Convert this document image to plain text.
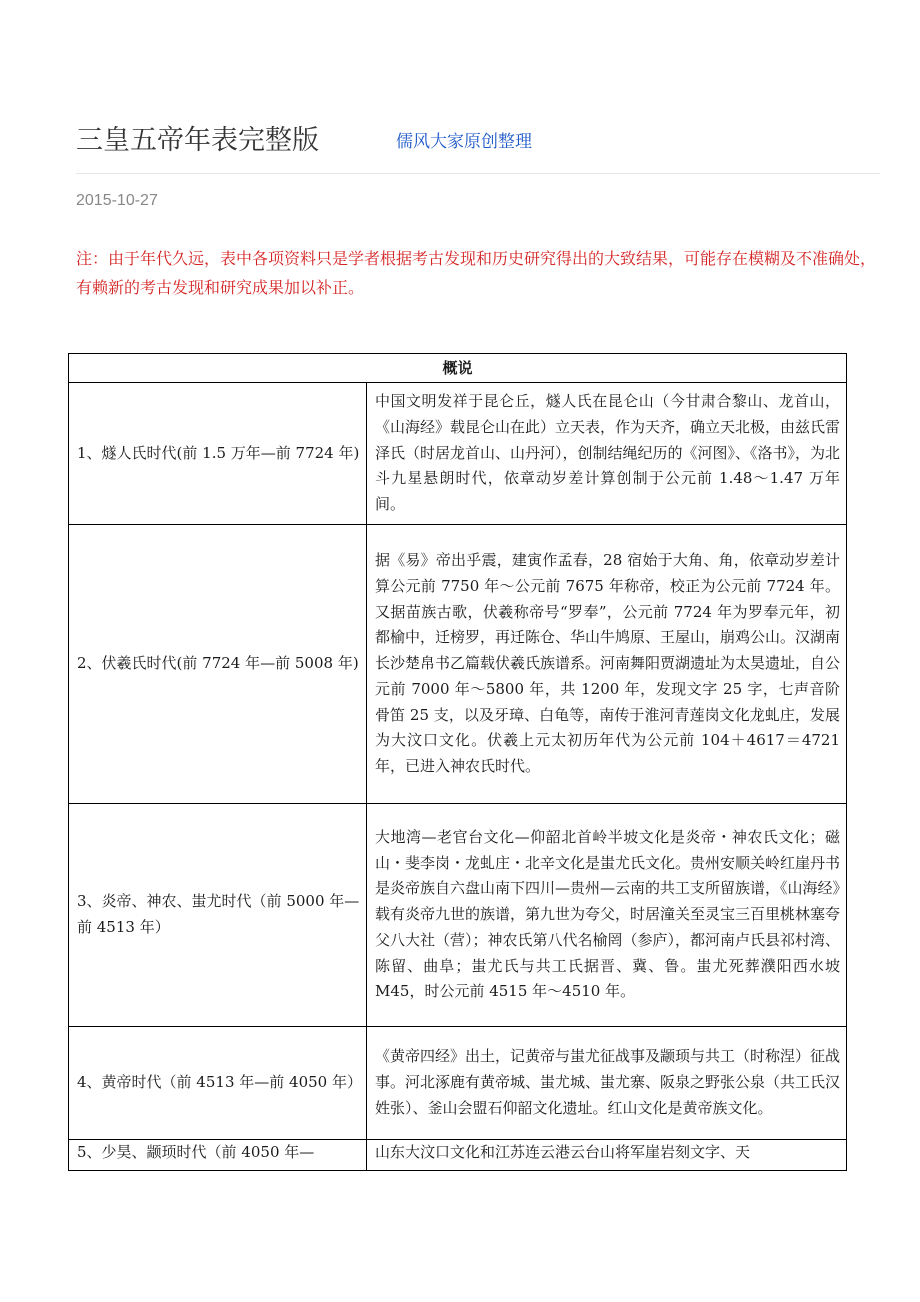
三皇五帝年表完整版	儒风大家原创整理
2015-10-27

注：由于年代久远，表中各项资料只是学者根据考古发现和历史研究得出的大致结果，可能存在模糊及不准确处，有赖新的考古发现和研究成果加以补正。

概说	
1、燧人氏时代(前 1.5 万年—前 7724 年)	中国文明发祥于昆仑丘，燧人氏在昆仑山（今甘肃合黎山、龙首山，《山海经》载昆仑山在此）立天表，作为天齐，确立天北极，由兹氏雷泽氏（时居龙首山、山丹河），创制结绳纪历的《河图》、《洛书》，为北斗九星悬朗时代，依章动岁差计算创制于公元前 1.48～1.47 万年间。
2、伏羲氏时代(前 7724 年—前 5008 年)	据《易》帝出乎震，建寅作孟春，28 宿始于大角、角，依章动岁差计算公元前 7750 年～公元前 7675 年称帝，校正为公元前 7724 年。又据苗族古歌，伏羲称帝号“罗奉”，公元前 7724 年为罗奉元年，初都榆中，迁榜罗，再迁陈仓、华山牛鸠原、王屋山，崩鸡公山。汉湖南长沙楚帛书乙篇载伏羲氏族谱系。河南舞阳贾湖遗址为太昊遗址，自公元前 7000 年～5800 年，共 1200 年，发现文字 25 字，七声音阶骨笛 25 支，以及牙璋、白龟等，南传于淮河青莲岗文化龙虬庄，发展为大汶口文化。伏羲上元太初历年代为公元前 104＋4617＝4721 年，已进入神农氏时代。
3、炎帝、神农、蚩尤时代（前 5000 年—前 4513 年）	大地湾—老官台文化—仰韶北首岭半坡文化是炎帝・神农氏文化；磁山・斐李岗・龙虬庄・北辛文化是蚩尤氏文化。贵州安顺关岭红崖丹书是炎帝族自六盘山南下四川—贵州—云南的共工支所留族谱，《山海经》载有炎帝九世的族谱，第九世为夸父，时居潼关至灵宝三百里桃林塞夸父八大社（营）；神农氏第八代名榆罔（参庐），都河南卢氏县祁村湾、陈留、曲阜；蚩尤氏与共工氏据晋、冀、鲁。蚩尤死葬濮阳西水坡M45，时公元前 4515 年～4510 年。
4、黄帝时代（前 4513 年—前 4050 年）	《黄帝四经》出土，记黄帝与蚩尤征战事及颛顼与共工（时称涅）征战事。河北涿鹿有黄帝城、蚩尤城、蚩尤寨、阪泉之野张公泉（共工氏汉姓张）、釜山会盟石仰韶文化遗址。红山文化是黄帝族文化。

5、少昊、颛顼时代（前 4050 年—	山东大汶口文化和江苏连云港云台山将军崖岩刻文字、天
